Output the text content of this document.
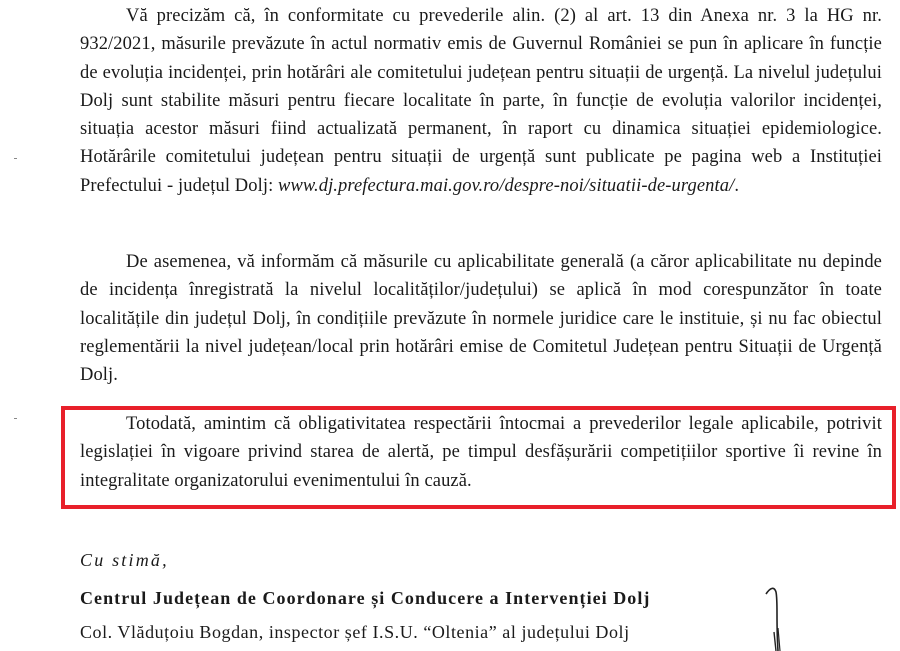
Vă precizăm că, în conformitate cu prevederile alin. (2) al art. 13 din Anexa nr. 3 la HG nr. 932/2021, măsurile prevăzute în actul normativ emis de Guvernul României se pun în aplicare în funcție de evoluția incidenței, prin hotărâri ale comitetului județean pentru situații de urgență. La nivelul județului Dolj sunt stabilite măsuri pentru fiecare localitate în parte, în funcție de evoluția valorilor incidenței, situația acestor măsuri fiind actualizată permanent, în raport cu dinamica situației epidemiologice. Hotărârile comitetului județean pentru situații de urgență sunt publicate pe pagina web a Instituției Prefectului - județul Dolj: www.dj.prefectura.mai.gov.ro/despre-noi/situatii-de-urgenta/.

De asemenea, vă informăm că măsurile cu aplicabilitate generală (a căror aplicabilitate nu depinde de incidența înregistrată la nivelul localităților/județului) se aplică în mod corespunzător în toate localitățile din județul Dolj, în condițiile prevăzute în normele juridice care le instituie, și nu fac obiectul reglementării la nivel județean/local prin hotărâri emise de Comitetul Județean pentru Situații de Urgență Dolj.

Totodată, amintim că obligativitatea respectării întocmai a prevederilor legale aplicabile, potrivit legislației în vigoare privind starea de alertă, pe timpul desfășurării competițiilor sportive îi revine în integralitate organizatorului evenimentului în cauză.

Cu stimă,

Centrul Județean de Coordonare și Conducere a Intervenției Dolj

Col. Vlăduțoiu Bogdan, inspector șef I.S.U. “Oltenia” al județului Dolj
